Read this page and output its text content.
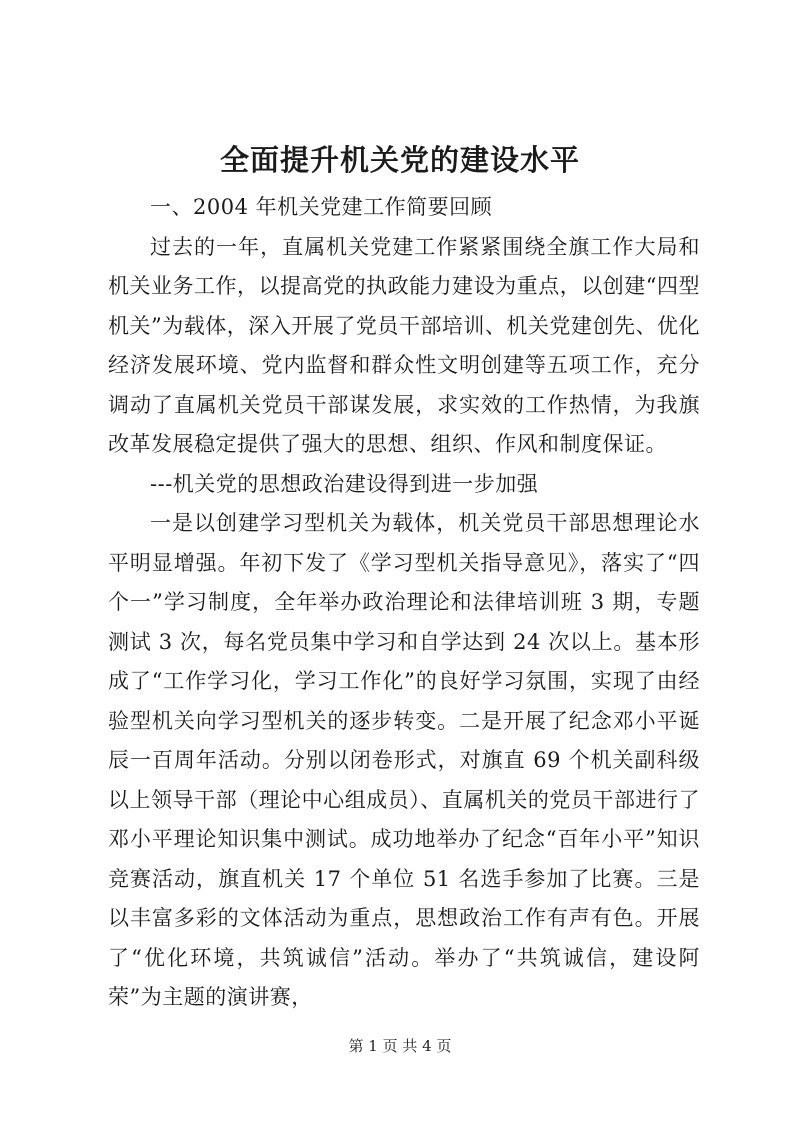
全面提升机关党的建设水平

一、2004 年机关党建工作简要回顾

过去的一年，直属机关党建工作紧紧围绕全旗工作大局和机关业务工作，以提高党的执政能力建设为重点，以创建“四型机关”为载体，深入开展了党员干部培训、机关党建创先、优化经济发展环境、党内监督和群众性文明创建等五项工作，充分调动了直属机关党员干部谋发展，求实效的工作热情，为我旗改革发展稳定提供了强大的思想、组织、作风和制度保证。

---机关党的思想政治建设得到进一步加强

一是以创建学习型机关为载体，机关党员干部思想理论水平明显增强。年初下发了《学习型机关指导意见》，落实了“四个一”学习制度，全年举办政治理论和法律培训班 3 期，专题测试 3 次，每名党员集中学习和自学达到 24 次以上。基本形成了“工作学习化，学习工作化”的良好学习氛围，实现了由经验型机关向学习型机关的逐步转变。二是开展了纪念邓小平诞辰一百周年活动。分别以闭卷形式，对旗直 69 个机关副科级以上领导干部（理论中心组成员）、直属机关的党员干部进行了邓小平理论知识集中测试。成功地举办了纪念“百年小平”知识竞赛活动，旗直机关 17 个单位 51 名选手参加了比赛。三是以丰富多彩的文体活动为重点，思想政治工作有声有色。开展了“优化环境，共筑诚信”活动。举办了“共筑诚信，建设阿荣”为主题的演讲赛，

第 1 页 共 4 页
